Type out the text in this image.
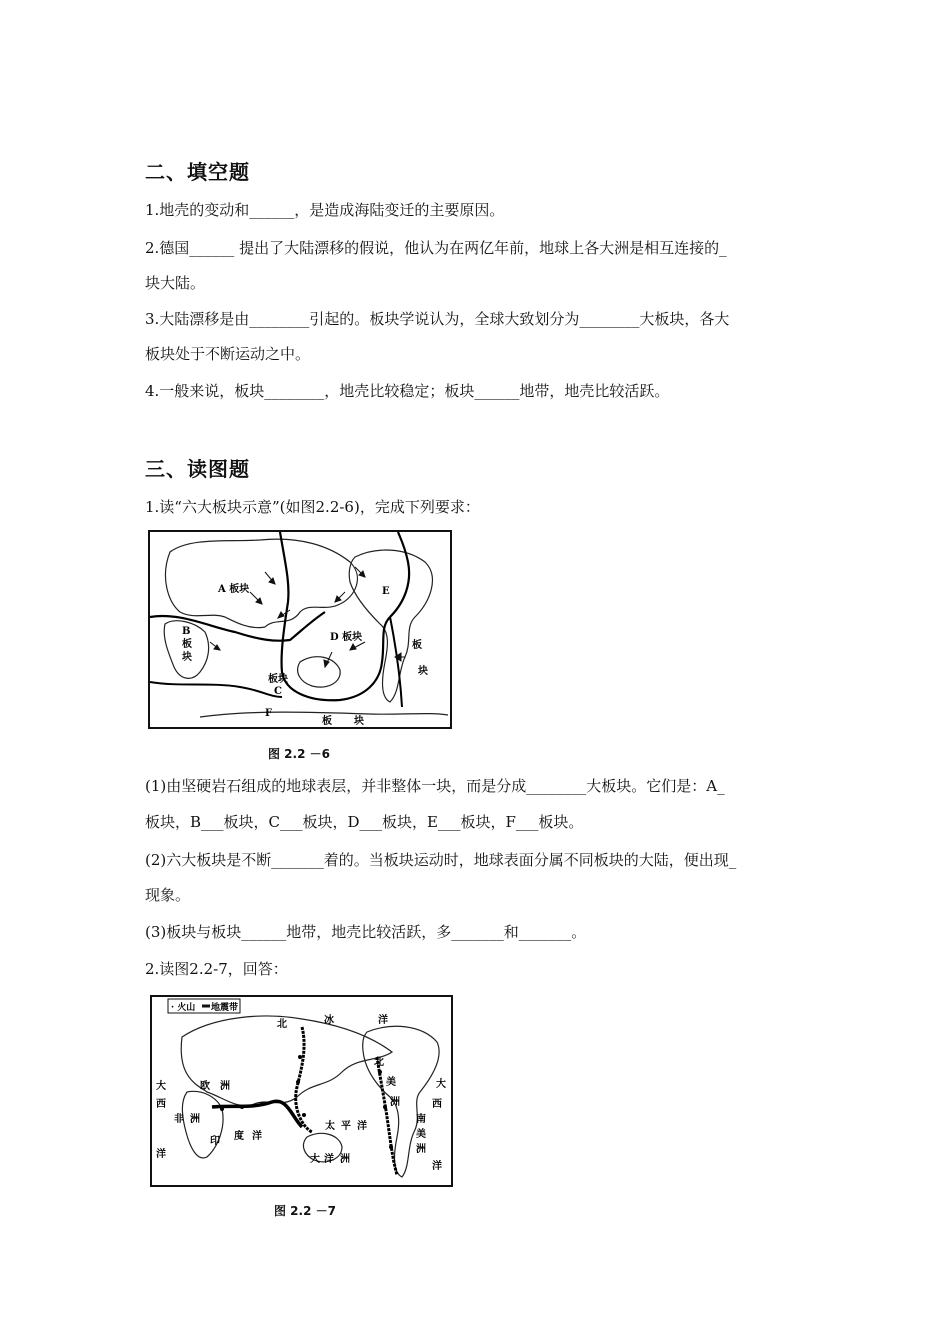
二、填空题
1.地壳的变动和______，是造成海陆变迁的主要原因。
2.德国______ 提出了大陆漂移的假说，他认为在两亿年前，地球上各大洲是相互连接的_
块大陆。
3.大陆漂移是由________引起的。板块学说认为，全球大致划分为________大板块，各大
板块处于不断运动之中。
4.一般来说，板块________，地壳比较稳定；板块______地带，地壳比较活跃。
三、读图题
1.读“六大板块示意”(如图2.2-6)，完成下列要求：
A 板块
B
板
块
板块
C
D 板块
E
板
块
F
板 块
图 2.2 －6
(1)由坚硬岩石组成的地球表层，并非整体一块，而是分成________大板块。它们是：A_
板块，B___板块，C___板块，D___板块，E___板块，F___板块。
(2)六大板块是不断_______着的。当板块运动时，地球表面分属不同板块的大陆，便出现_
现象。
(3)板块与板块______地带，地壳比较活跃，多_______和_______。
2.读图2.2-7，回答：
· 火山 地震带
北	冰	洋
大	欧 洲
西
非 洲
洋
印 度 洋
太 平 洋
大 洋 洲
北
美
洲
大
西
南
美
洲
洋
图 2.2 －7
